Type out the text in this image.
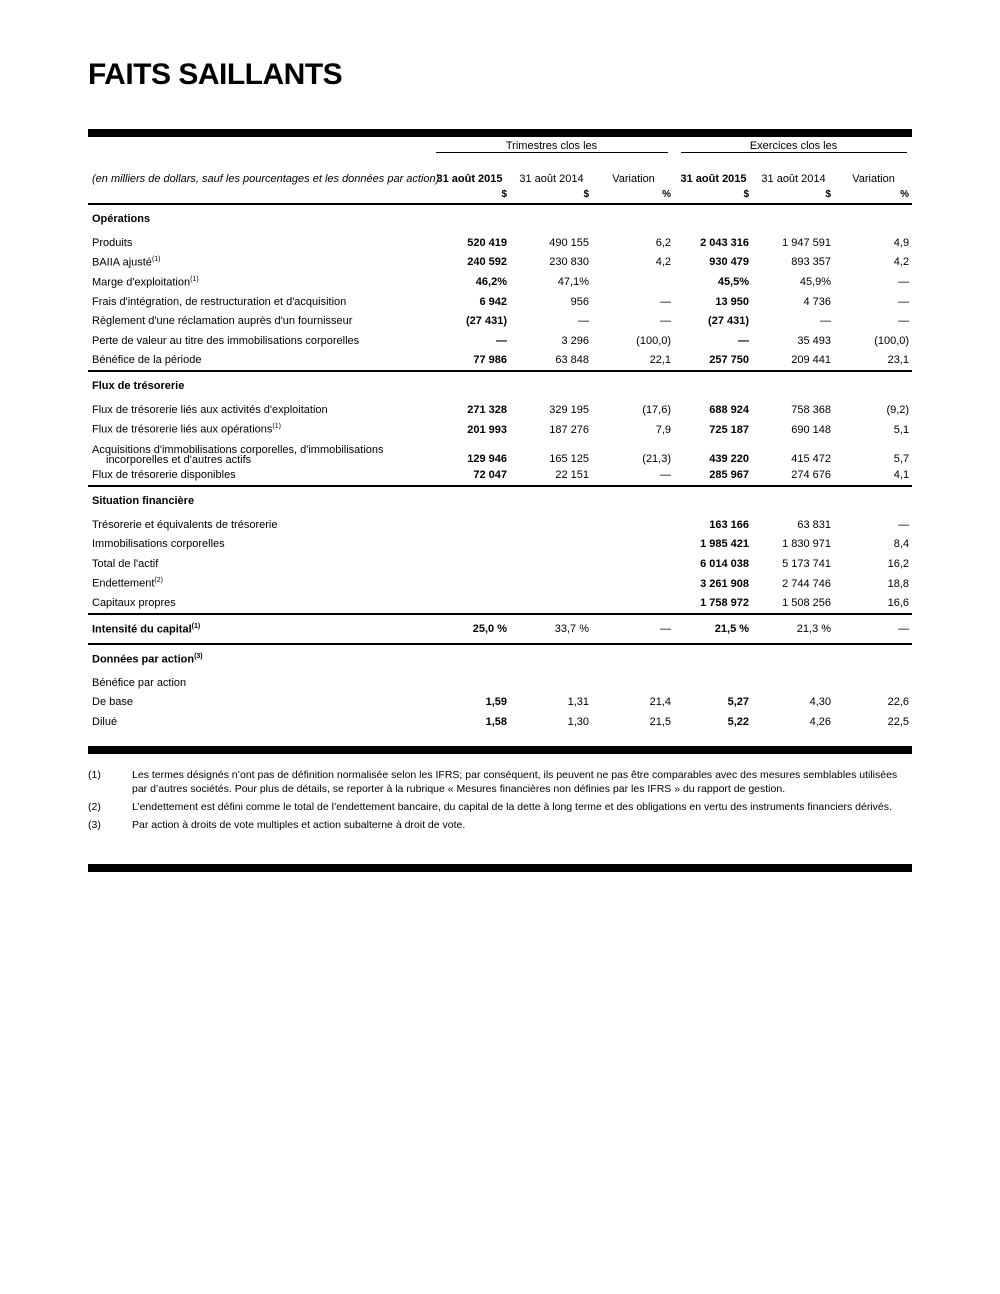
FAITS SAILLANTS
	Trimestres clos les			Exercices clos les		
(en milliers de dollars, sauf les pourcentages et les données par action)	31 août 2015	31 août 2014	Variation	31 août 2015	31 août 2014	Variation
	$	$	%	$	$	%
Opérations						
Produits	520 419	490 155	6,2	2 043 316	1 947 591	4,9
BAIIA ajusté$^{(1)}$	240 592	230 830	4,2	930 479	893 357	4,2
Marge d'exploitation$^{(1)}$	46,2%	47,1%		45,5%	45,9%	—
Frais d'intégration, de restructuration et d'acquisition	6 942	956	—	13 950	4 736	—
Règlement d'une réclamation auprès d'un fournisseur	(27 431)	—	—	(27 431)	—	—
Perte de valeur au titre des immobilisations corporelles	—	3 296	(100,0)	—	35 493	(100,0)
Bénéfice de la période	77 986	63 848	22,1	257 750	209 441	23,1
Flux de trésorerie						
Flux de trésorerie liés aux activités d'exploitation	271 328	329 195	(17,6)	688 924	758 368	(9,2)
Flux de trésorerie liés aux opérations$^{(1)}$	201 993	187 276	7,9	725 187	690 148	5,1
Acquisitions d'immobilisations corporelles, d'immobilisations
incorporelles et d'autres actifs	129 946	165 125	(21,3)	439 220	415 472	5,7
Flux de trésorerie disponibles	72 047	22 151	—	285 967	274 676	4,1
Situation financière						
Trésorerie et équivalents de trésorerie				163 166	63 831	—
Immobilisations corporelles				1 985 421	1 830 971	8,4
Total de l'actif				6 014 038	5 173 741	16,2
Endettement$^{(2)}$				3 261 908	2 744 746	18,8
Capitaux propres				1 758 972	1 508 256	16,6
Intensité du capital$^{(1)}$	25,0 %	33,7 %	—	21,5 %	21,3 %	—
Données par action$^{(3)}$
Bénéfice par action						
De base	1,59	1,31	21,4	5,27	4,30	22,6
Dilué	1,58	1,30	21,5	5,22	4,26	22,5
(1)	Les termes désignés n’ont pas de définition normalisée selon les IFRS; par conséquent, ils peuvent ne pas être comparables avec des mesures semblables utilisées par d’autres sociétés. Pour plus de détails, se reporter à la rubrique « Mesures financières non définies par les IFRS » du rapport de gestion.
(2)	L’endettement est défini comme le total de l’endettement bancaire, du capital de la dette à long terme et des obligations en vertu des instruments financiers dérivés.
(3)	Par action à droits de vote multiples et action subalterne à droit de vote.
